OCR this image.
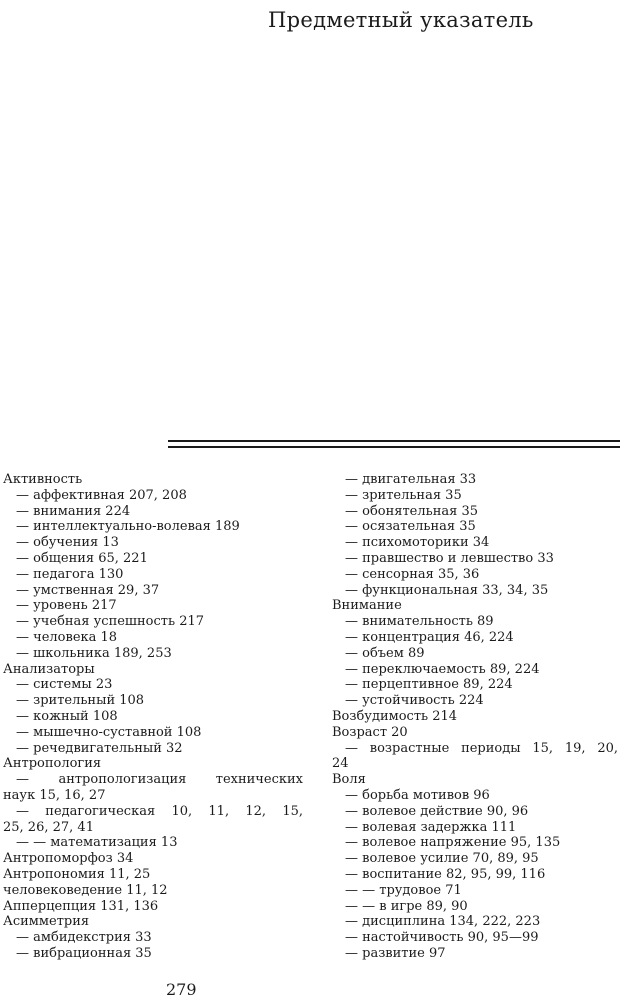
Предметный указатель
Активность
— аффективная 207, 208
— внимания 224
— интеллектуально-волевая 189
— обучения 13
— общения 65, 221
— педагога 130
— умственная 29, 37
— уровень 217
— учебная успешность 217
— человека 18
— школьника 189, 253
Анализаторы
— системы 23
— зрительный 108
— кожный 108
— мышечно-суставной 108
— речедвигательный 32
Антропология
— антропологизация технических
наук 15, 16, 27
— педагогическая 10, 11, 12, 15,
25, 26, 27, 41
— — математизация 13
Антропоморфоз 34
Антропономия 11, 25
человековедение 11, 12
Апперцепция 131, 136
Асимметрия
— амбидекстрия 33
— вибрационная 35
— двигательная 33
— зрительная 35
— обонятельная 35
— осязательная 35
— психомоторики 34
— правшество и левшество 33
— сенсорная 35, 36
— функциональная 33, 34, 35
Внимание
— внимательность 89
— концентрация 46, 224
— объем 89
— переключаемость 89, 224
— перцептивное 89, 224
— устойчивость 224
Возбудимость 214
Возраст 20
— возрастные периоды 15, 19, 20,
24
Воля
— борьба мотивов 96
— волевое действие 90, 96
— волевая задержка 111
— волевое напряжение 95, 135
— волевое усилие 70, 89, 95
— воспитание 82, 95, 99, 116
— — трудовое 71
— — в игре 89, 90
— дисциплина 134, 222, 223
— настойчивость 90, 95—99
— развитие 97
279
